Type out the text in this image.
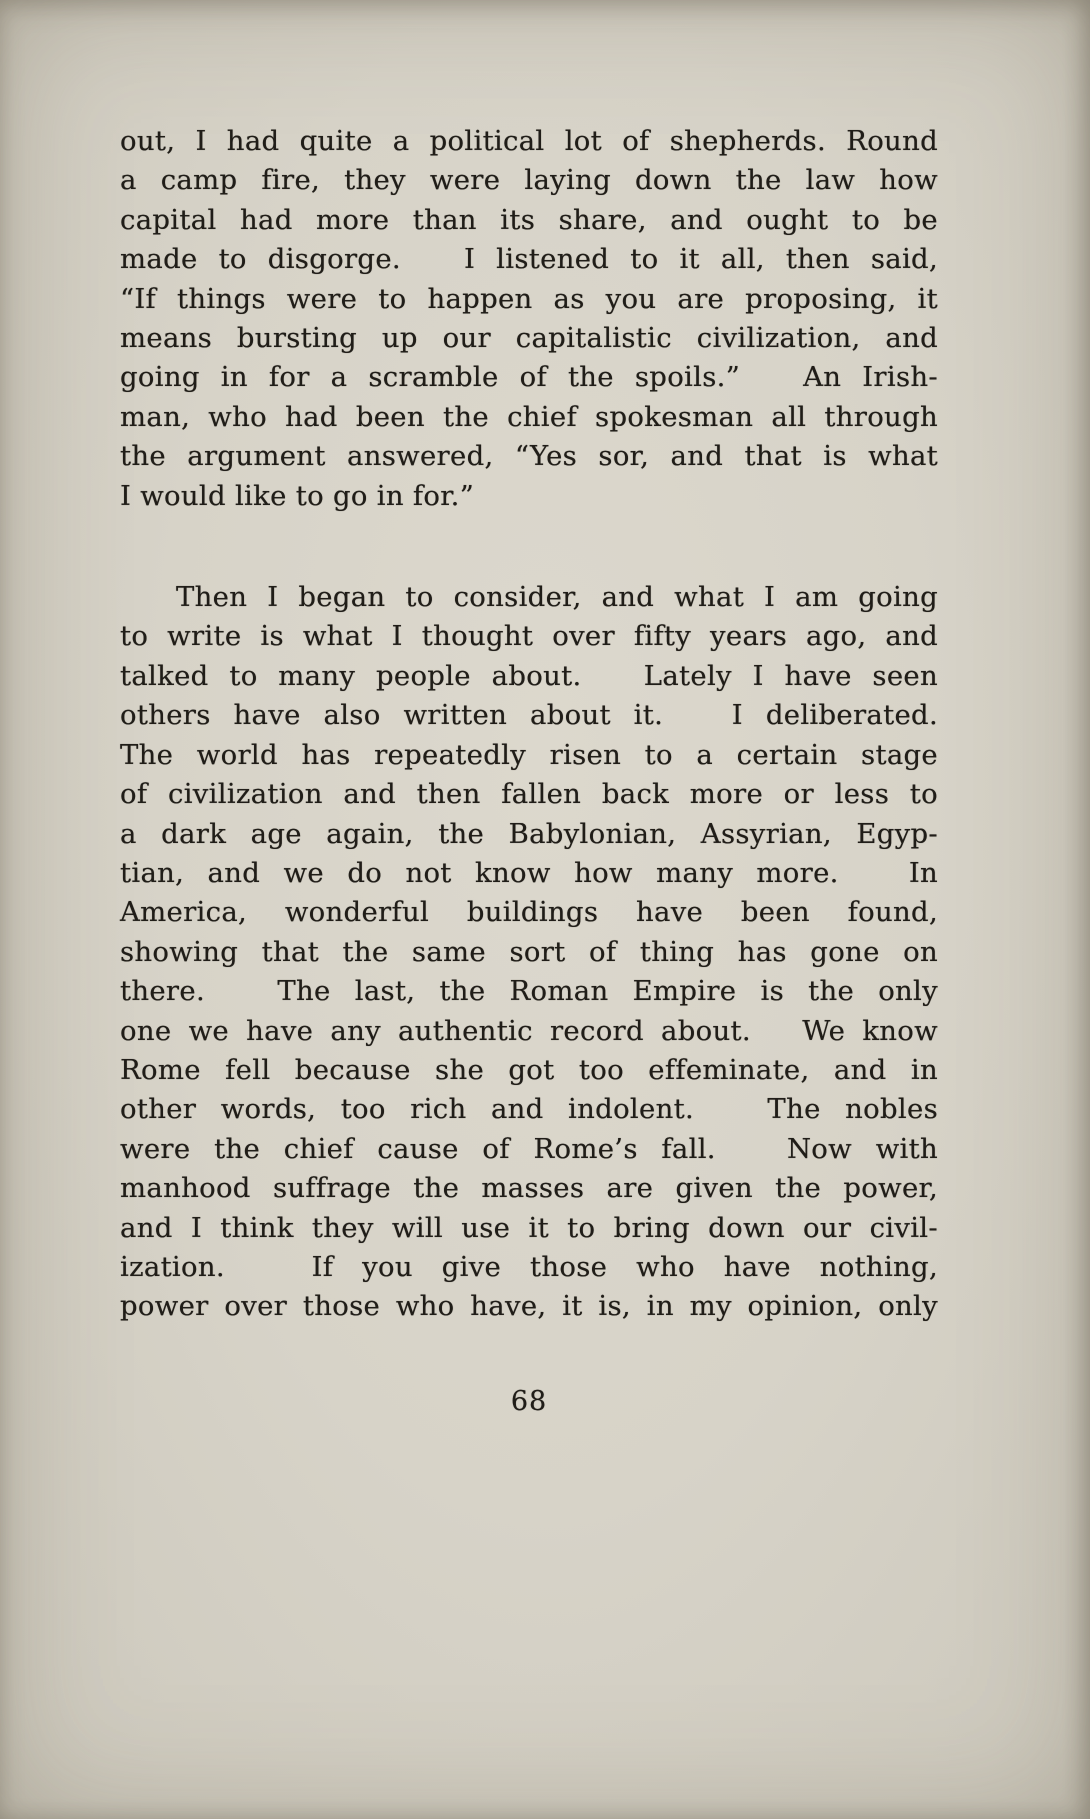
out, I had quite a political lot of shepherds. Round
a camp fire, they were laying down the law how
capital had more than its share, and ought to be
made to disgorge.   I listened to it all, then said,
“If things were to happen as you are proposing, it
means bursting up our capitalistic civilization, and
going in for a scramble of the spoils.”   An Irish-
man, who had been the chief spokesman all through
the argument answered, “Yes sor, and that is what
I would like to go in for.”
Then I began to consider, and what I am going
to write is what I thought over fifty years ago, and
talked to many people about.   Lately I have seen
others have also written about it.   I deliberated.
The world has repeatedly risen to a certain stage
of civilization and then fallen back more or less to
a dark age again, the Babylonian, Assyrian, Egyp-
tian, and we do not know how many more.   In
America, wonderful buildings have been found,
showing that the same sort of thing has gone on
there.   The last, the Roman Empire is the only
one we have any authentic record about.   We know
Rome fell because she got too effeminate, and in
other words, too rich and indolent.   The nobles
were the chief cause of Rome’s fall.   Now with
manhood suffrage the masses are given the power,
and I think they will use it to bring down our civil-
ization.   If you give those who have nothing,
power over those who have, it is, in my opinion, only
68
